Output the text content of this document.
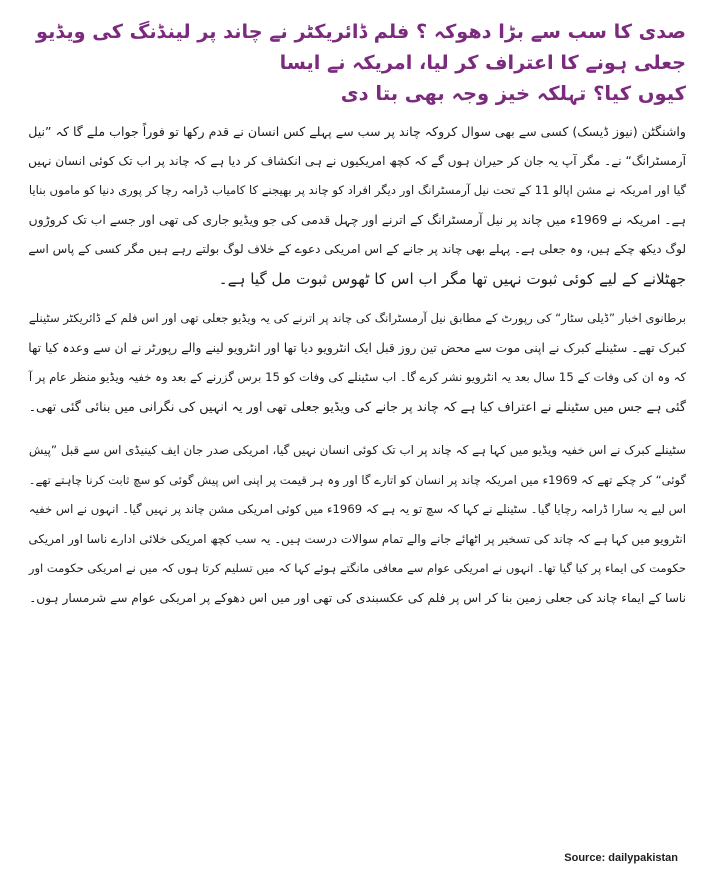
صدی کا سب سے بڑا دھوکہ ؟ فلم ڈائریکٹر نے چاند پر لینڈنگ کی ویڈیو جعلی ہونے کا اعتراف کر لیا، امریکہ نے ایسا
کیوں کیا؟ تہلکہ خیز وجہ بھی بتا دی

واشنگٹن (نیوز ڈیسک) کسی سے بھی سوال کروکہ چاند پر سب سے پہلے کس انسان نے قدم رکھا تو فوراً جواب ملے گا کہ ”نیل
آرمسٹرانگ“ نے۔ مگر آپ یہ جان کر حیران ہوں گے کہ کچھ امریکیوں نے ہی انکشاف کر دیا ہے کہ چاند پر اب تک کوئی انسان نہیں
گیا اور امریکہ نے مشن اپالو 11 کے تحت نیل آرمسٹرانگ اور دیگر افراد کو چاند پر بھیجنے کا کامیاب ڈرامہ رچا کر پوری دنیا کو ماموں بنایا
ہے۔ امریکہ نے 1969ء میں چاند پر نیل آرمسٹرانگ کے اترنے اور چہل قدمی کی جو ویڈیو جاری کی تھی اور جسے اب تک کروڑوں
لوگ دیکھ چکے ہیں، وہ جعلی ہے۔ پہلے بھی چاند پر جانے کے اس امریکی دعوے کے خلاف لوگ بولتے رہے ہیں مگر کسی کے پاس اسے
جھٹلانے کے لیے کوئی ثبوت نہیں تھا مگر اب اس کا ٹھوس ثبوت مل گیا ہے۔

برطانوی اخبار ”ڈیلی سٹار“ کی رپورٹ کے مطابق نیل آرمسٹرانگ کی چاند پر اترنے کی یہ ویڈیو جعلی تھی اور اس فلم کے ڈائریکٹر سٹینلے
کبرک تھے۔ سٹینلے کبرک نے اپنی موت سے محض تین روز قبل ایک انٹرویو دیا تھا اور انٹرویو لینے والے رپورٹر نے ان سے وعدہ کیا تھا
کہ وہ ان کی وفات کے 15 سال بعد یہ انٹرویو نشر کرے گا۔ اب سٹینلے کی وفات کو 15 برس گزرنے کے بعد وہ خفیہ ویڈیو منظر عام پر آ
گئی ہے جس میں سٹینلے نے اعتراف کیا ہے کہ چاند پر جانے کی ویڈیو جعلی تھی اور یہ انہیں کی نگرانی میں بنائی گئی تھی۔

سٹینلے کبرک نے اس خفیہ ویڈیو میں کہا ہے کہ چاند پر اب تک کوئی انسان نہیں گیا، امریکی صدر جان ایف کینیڈی اس سے قبل ”پیش
گوئی“ کر چکے تھے کہ 1969ء میں امریکہ چاند پر انسان کو اتارے گا اور وہ ہر قیمت پر اپنی اس پیش گوئی کو سچ ثابت کرنا چاہتے تھے۔
اس لیے یہ سارا ڈرامہ رچایا گیا۔ سٹینلے نے کہا کہ سچ تو یہ ہے کہ 1969ء میں کوئی امریکی مشن چاند پر نہیں گیا۔ انہوں نے اس خفیہ
انٹرویو میں کہا ہے کہ چاند کی تسخیر پر اٹھائے جانے والے تمام سوالات درست ہیں۔ یہ سب کچھ امریکی خلائی ادارے ناسا اور امریکی
حکومت کی ایماء پر کیا گیا تھا۔ انہوں نے امریکی عوام سے معافی مانگتے ہوئے کہا کہ میں تسلیم کرتا ہوں کہ میں نے امریکی حکومت اور
ناسا کے ایماء چاند کی جعلی زمین بنا کر اس پر فلم کی عکسبندی کی تھی اور میں اس دھوکے پر امریکی عوام سے شرمسار ہوں۔

Source: dailypakistan
